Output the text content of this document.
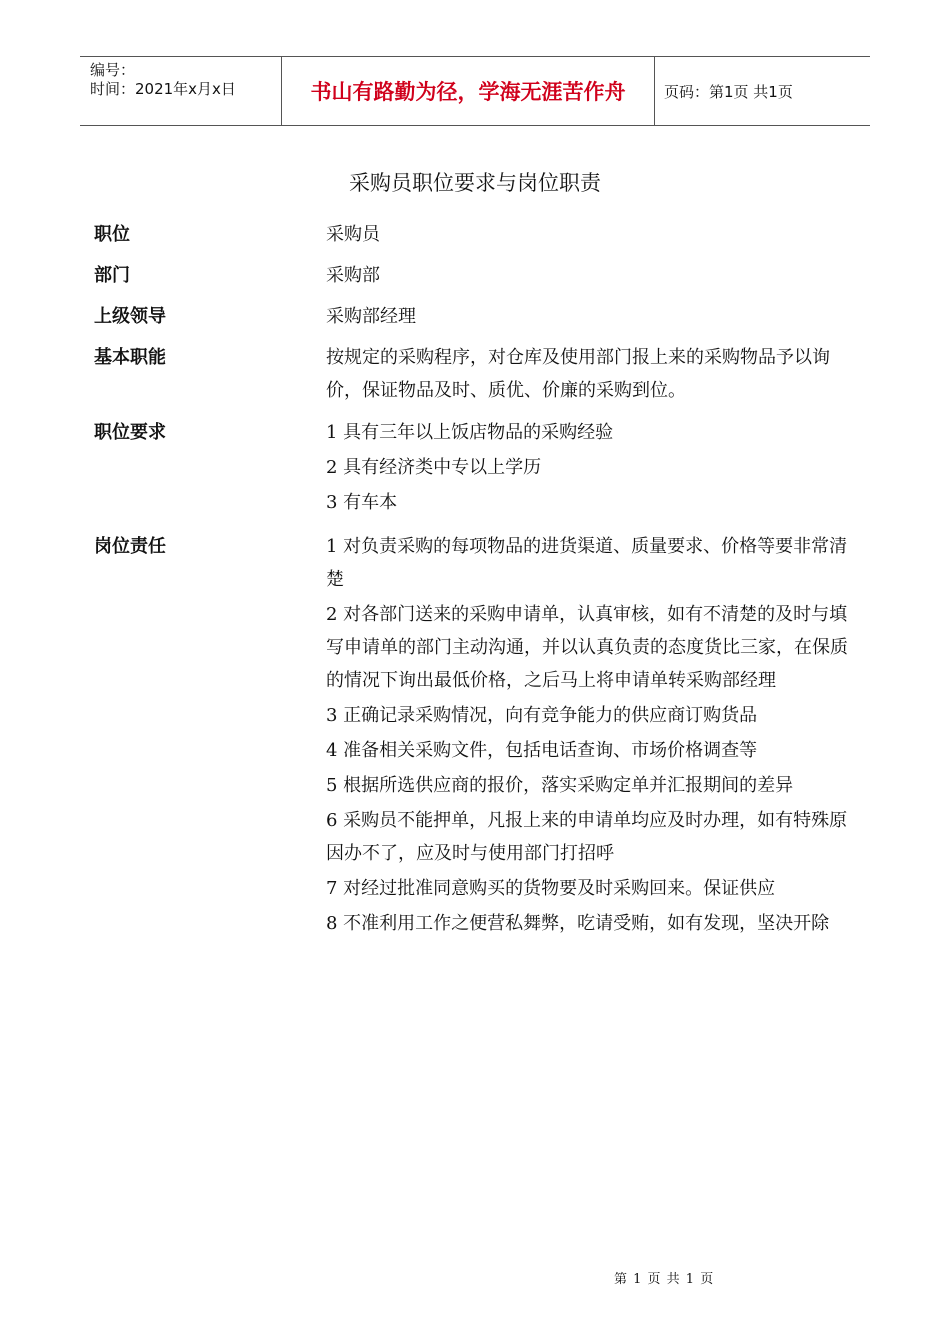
编号：
时间：2021年x月x日	书山有路勤为径，学海无涯苦作舟	页码：第1页 共1页
采购员职位要求与岗位职责
职位	采购员
部门	采购部
上级领导	采购部经理
基本职能	按规定的采购程序，对仓库及使用部门报上来的采购物品予以询价，保证物品及时、质优、价廉的采购到位。
职位要求	1 具有三年以上饭店物品的采购经验

2 具有经济类中专以上学历

3 有车本

岗位责任	1 对负责采购的每项物品的进货渠道、质量要求、价格等要非常清楚

2 对各部门送来的采购申请单，认真审核，如有不清楚的及时与填写申请单的部门主动沟通，并以认真负责的态度货比三家，在保质的情况下询出最低价格，之后马上将申请单转采购部经理

3 正确记录采购情况，向有竞争能力的供应商订购货品

4 准备相关采购文件，包括电话查询、市场价格调查等

5 根据所选供应商的报价，落实采购定单并汇报期间的差异

6 采购员不能押单，凡报上来的申请单均应及时办理，如有特殊原因办不了，应及时与使用部门打招呼

7 对经过批准同意购买的货物要及时采购回来。保证供应

8 不准利用工作之便营私舞弊，吃请受贿，如有发现，坚决开除

第 1 页 共 1 页
